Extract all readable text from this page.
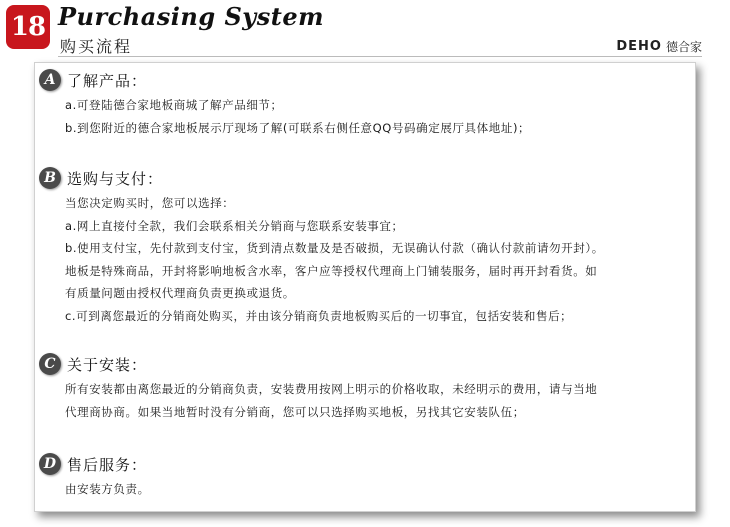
18 Purchasing System
购买流程	DEHO 德合家
A 了解产品：
a.可登陆德合家地板商城了解产品细节；
b.到您附近的德合家地板展示厅现场了解(可联系右侧任意QQ号码确定展厅具体地址)；
B 选购与支付：
当您决定购买时，您可以选择：
a.网上直接付全款，我们会联系相关分销商与您联系安装事宜；
b.使用支付宝，先付款到支付宝，货到清点数量及是否破损，无误确认付款（确认付款前请勿开封）。
地板是特殊商品，开封将影响地板含水率，客户应等授权代理商上门铺装服务，届时再开封看货。如
有质量问题由授权代理商负责更换或退货。
c.可到离您最近的分销商处购买，并由该分销商负责地板购买后的一切事宜，包括安装和售后；
C 关于安装：
所有安装都由离您最近的分销商负责，安装费用按网上明示的价格收取，未经明示的费用，请与当地
代理商协商。如果当地暂时没有分销商，您可以只选择购买地板，另找其它安装队伍；
D 售后服务：
由安装方负责。
